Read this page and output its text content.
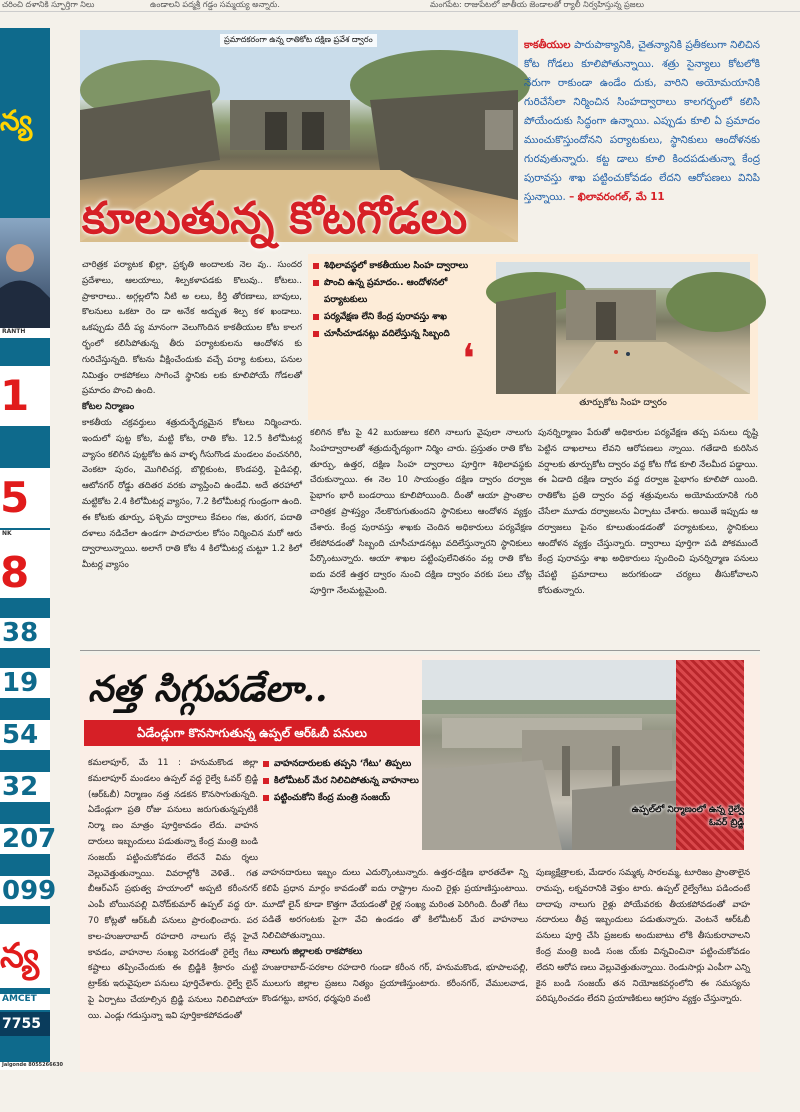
చరించి దళానికి స్ఫూర్తిగా నిలు	ఉండాలని పద్మశ్రీ గడ్డం సమ్మయ్య అన్నారు.	మంగపేట: రాజుపేటలో జాతీయ జెండాలతో ర్యాలీ నిర్వహిస్తున్న ప్రజలు
న్య
RANTH
1
5
NK
8
38
19
54
32
207
099
న్య
AMCET
7755
Jalgonde 8055266630
ప్రమాదకరంగా ఉన్న రాతికోట దక్షిణ ప్రవేశ ద్వారం
కూలుతున్న కోటగోడలు
కాకతీయుల పారుపాక్యానికి, చైతన్యానికి ప్రతీకలుగా నిలిచిన కోట గోడలు కూలిపోతున్నాయి. శత్రు సైన్యాలు కోటలోకి నేరుగా రాకుండా ఉండేం దుకు, వారిని అయోమయానికి గురిచేసేలా నిర్మించిన సింహద్వారాలు కాలగర్భంలో కలిసి పోయేందుకు సిద్ధంగా ఉన్నాయి. ఎప్పుడు కూలి ఏ ప్రమాదం ముంచుకొస్తుందోనని పర్యాటకులు, స్థానికులు ఆందోళనకు గురవుతున్నారు. కట్ట డాలు కూలి కిందపడుతున్నా కేంద్ర పురావస్తు శాఖ పట్టించుకోవడం లేదని ఆరోపణలు వినిపి స్తున్నాయి. – ఖిలావరంగల్, మే 11
చారిత్రక పర్యాటక ఖిల్లా, ప్రకృతి అందాలకు నెల వు.. సుందర ప్రదేశాలు, ఆలయాలు, శిల్పకళాపడకు కొలువు.. కోటలు.. ప్రాకారాలు.. అగ్గల్లలోని నీటి అ లలు, కీర్తి తోరణాలు, బావులు, కొలనులు ఒకటా రెం డా అనేక అద్భుత శిల్ప కళ ఖండాలు. ఒకప్పుడు దేదీ ప్య మానంగా వెలుగొందిన కాకతీయుల కోట కాలగ ర్భంలో కలిసిపోతున్న తీరు పర్యాటకులను ఆందోళన కు గురిచేస్తున్నది. కోటను వీక్షించేందుకు వచ్చే పర్యా టకులు, పనుల నిమిత్తం రాకపోకలు సాగించే స్థానికు లకు కూలిపోయే గోడలతో ప్రమాదం పొంచి ఉంది.
కోటల నిర్మాణం
కాకతీయ చక్రవర్తులు శత్రుదుర్భేద్యమైన కోటలు నిర్మించారు. ఇందులో పుట్ట కోట, మట్టి కోట, రాతి కోట. 12.5 కిలోమీటర్ల వ్యాసం కలిగిన పుట్టకోట ఉన వాళ్ళ గీసుగొండ మండలం వంచనగిరి, వెంకటా పురం, మొగిలిచర్ల, బొల్లికుంట, కొండపర్తి, పైడిపల్లి, ఆటోనగర్ రోడ్డు తదితర వరకు వ్యాప్తించి ఉండేవి. అదే తరహాలో మట్టికోట 2.4 కిలోమీటర్ల వ్యాసం, 7.2 కిలోమీటర్ల గుండ్రంగా ఉంది. ఈ కోటకు తూర్పు, పశ్చిమ ద్వారాలు కేవలం గజ, తురగ, పదాతి దళాలు నడిచేలా ఉండగా పాదచారుల కోసం నిర్మించిన మరో ఆరు ద్వారాలున్నాయి. అలాగే రాతి కోట 4 కిలోమీటర్ల చుట్టూ 1.2 కిలో మీటర్ల వ్యాసం
శిథిలావస్థలో కాకతీయుల సింహ ద్వారాలు
పొంచి ఉన్న ప్రమాదం.. ఆందోళనలో పర్యాటకులు
పర్యవేక్షణ లేని కేంద్ర పురావస్తు శాఖ
చూసీచూడనట్లు వదిలేస్తున్న సిబ్బంది
❛
తూర్పుకోట సింహ ద్వారం
కలిగిన కోట పై 42 బురుజులు కలిగి నాలుగు వైపులా నాలుగు సింహద్వారాలతో శత్రుదుర్భేద్యంగా నిర్మిం చారు. ప్రస్తుతం రాతి కోట తూర్పు, ఉత్తర, దక్షిణ సింహ ద్వారాలు పూర్తిగా శిథిలావస్థకు చేరుకున్నాయి. ఈ నెల 10 సాయంత్రం దక్షిణ ద్వారం దర్వాజ పైభాగం భారీ బండరాయి కూలిపోయింది. దీంతో ఆయా ప్రాంతాల చారిత్రక ప్రాశస్త్యం నేలకొరుగుతుందని స్థానికులు ఆందోళన వ్యక్తం చేశారు. కేంద్ర పురావస్తు శాఖకు చెందిన అధికారులు పర్యవేక్షణ లేకపోవడంతో సిబ్బంది చూసీచూడనట్లు వదిలేస్తున్నారని స్థానికులు పేర్కొంటున్నారు. ఆయా శాఖల పట్టింపులేనితనం వల్ల రాతి కోట ఐదు వరకే ఉత్తర ద్వారం నుంచి దక్షిణ ద్వారం వరకు పలు చోట్ల పూర్తిగా నేలమట్టమైంది.
పునర్నిర్మాణం పేరుతో అధికారుల పర్యవేక్షణ తప్ప పనులు దృష్టి పెట్టిన దాఖలాలు లేవని ఆరోపణలు న్నాయి. గతేడాది కురిసిన వర్షాలకు తూర్పుకోట ద్వారం వద్ద కోట గోడ కూలి నేలమీద పడ్డాయి. ఈ ఏడాది దక్షిణ ద్వారం వద్ద దర్వాజ పైభాగం కూలిపో యింది. రాతికోట ప్రతి ద్వారం వద్ద శత్రువులను అయోమయానికి గురి చేసేలా మూడు దర్వాజలను ఏర్పాటు చేశారు. అయితే ఇప్పుడు ఆ దర్వాజలు పైనం కూలుతుండడంతో పర్యాటకులు, స్థానికులు ఆందోళన వ్యక్తం చేస్తున్నారు. ద్వారాలు పూర్తిగా పడి పోకముందే కేంద్ర పురావస్తు శాఖ అధికారులు స్పందించి పునర్నిర్మాణ పనులు చేపట్టి ప్రమాదాలు జరుగకుండా చర్యలు తీసుకోవాలని కోరుతున్నారు.
నత్త సిగ్గుపడేలా..
ఏడేండ్లుగా కొనసాగుతున్న ఉప్పల్ ఆర్ఓబీ పనులు
ఉప్పల్‌లో నిర్మాణంలో ఉన్న రైల్వే ఓవర్ బ్రిడ్జి
కమలాపూర్, మే 11 : హనుమకొండ జిల్లా కమలాపూర్ మండలం ఉప్పల్ వద్ద రైల్వే ఓవర్ బ్రిడ్జి (ఆర్ఓబీ) నిర్మాణం నత్త నడకన కొనసాగుతున్నది. ఏడేండ్లుగా ప్రతి రోజు పనులు జరుగుతున్నప్పటికీ నిర్మా ణం మాత్రం పూర్తికావడం లేదు. వాహన దారులు ఇబ్బందులు పడుతున్నా కేంద్ర మంత్రి బండి సంజయ్ పట్టించుకోవడం లేదనే విమ ర్శలు వెల్లువెత్తుతున్నాయి. వివరాల్లోకి వెళితే.. గత బీఆర్ఎస్ ప్రభుత్వ హయాంలో అప్పటి కరీంనగర్ ఎంపీ బోయినపల్లి వినోద్‌కుమార్ ఉప్పల్ వద్ద రూ. 70 కోట్లతో ఆర్ఓబీ పనులు ప్రారంభించారు. పర కాల-హుజురాబాద్ రహదారి నాలుగు లేన్ల హైవే కావడం, వాహనాల సంఖ్య పెరగడంతో రైల్వే గేటు కష్టాలు తప్పించేందుకు ఈ బ్రిడ్జికి శ్రీకారం చుట్టి ట్రాక్‌కు ఇరువైపులా పనులు పూర్తిచేశారు. రైల్వే లైన్ పై ఏర్పాటు చేయాల్సిన బ్రిడ్జి పనులు నిలిచిపోయా యి. ఎండ్లు గడుస్తున్నా ఇవి పూర్తికాకపోవడంతో
వాహనదారులకు తప్పని ‘గేటు’ తిప్పలు
కిలోమీటర్ మేర నిలిచిపోతున్న వాహనాలు
పట్టించుకోని కేంద్ర మంత్రి సంజయ్
వాహనదారులు ఇబ్బం దులు ఎదుర్కొంటున్నారు. ఉత్తర-దక్షిణ భారతదేశా న్ని కలిపే ప్రధాన మార్గం కావడంతో ఐదు రాష్ట్రాల నుంచి రైళ్లు ప్రయాణిస్తుంటాయి. మూడో లైన్ కూడా కొత్తగా వేయడంతో రైళ్ల సంఖ్య మరింత పెరిగింది. దీంతో గేటు పడితే అరగంటకు పైగా వేచి ఉండడం తో కిలోమీటర్ మేర వాహనాలు నిలిచిపోతున్నాయి.
నాలుగు జిల్లాలకు రాకపోకలు
హుజురాబాద్-పరకాల రహదారి గుండా కరీంన గర్, హనుమకొండ, భూపాలపల్లి, ములుగు జిల్లాల ప్రజలు నిత్యం ప్రయాణిస్తుంటారు. కరీంనగర్, వేములవాడ, కొండగట్టు, బాసర, ధర్మపురి వంటి
పుణ్యక్షేత్రాలకు, మేడారం సమ్మక్క సారలమ్మ, టూరిజం ప్రాంతాలైన రామప్ప, లక్నవరానికి వెళ్తుం టారు. ఉప్పల్ రైల్వేగేటు పడిందంటే దాదాపు నాలుగు రైళ్లు పోయేవరకు తీయకపోవడంతో వాహ నదారులు తీవ్ర ఇబ్బందులు పడుతున్నారు. వెంటనే ఆర్ఓబీ పనులు పూర్తి చేసి ప్రజలకు అందుబాటు లోకి తీసుకురావాలని కేంద్ర మంత్రి బండి సంజ య్‌కు విన్నవించినా పట్టించుకోవడం లేదని ఆరోప ణలు వెల్లువెత్తుతున్నాయి. రెండుసార్లు ఎంపీగా ఎన్ని కైన బండి సంజయ్ తన నియోజకవర్గంలోని ఈ సమస్యను పరిష్కరించడం లేదని ప్రయాణికులు ఆగ్రహం వ్యక్తం చేస్తున్నారు.
